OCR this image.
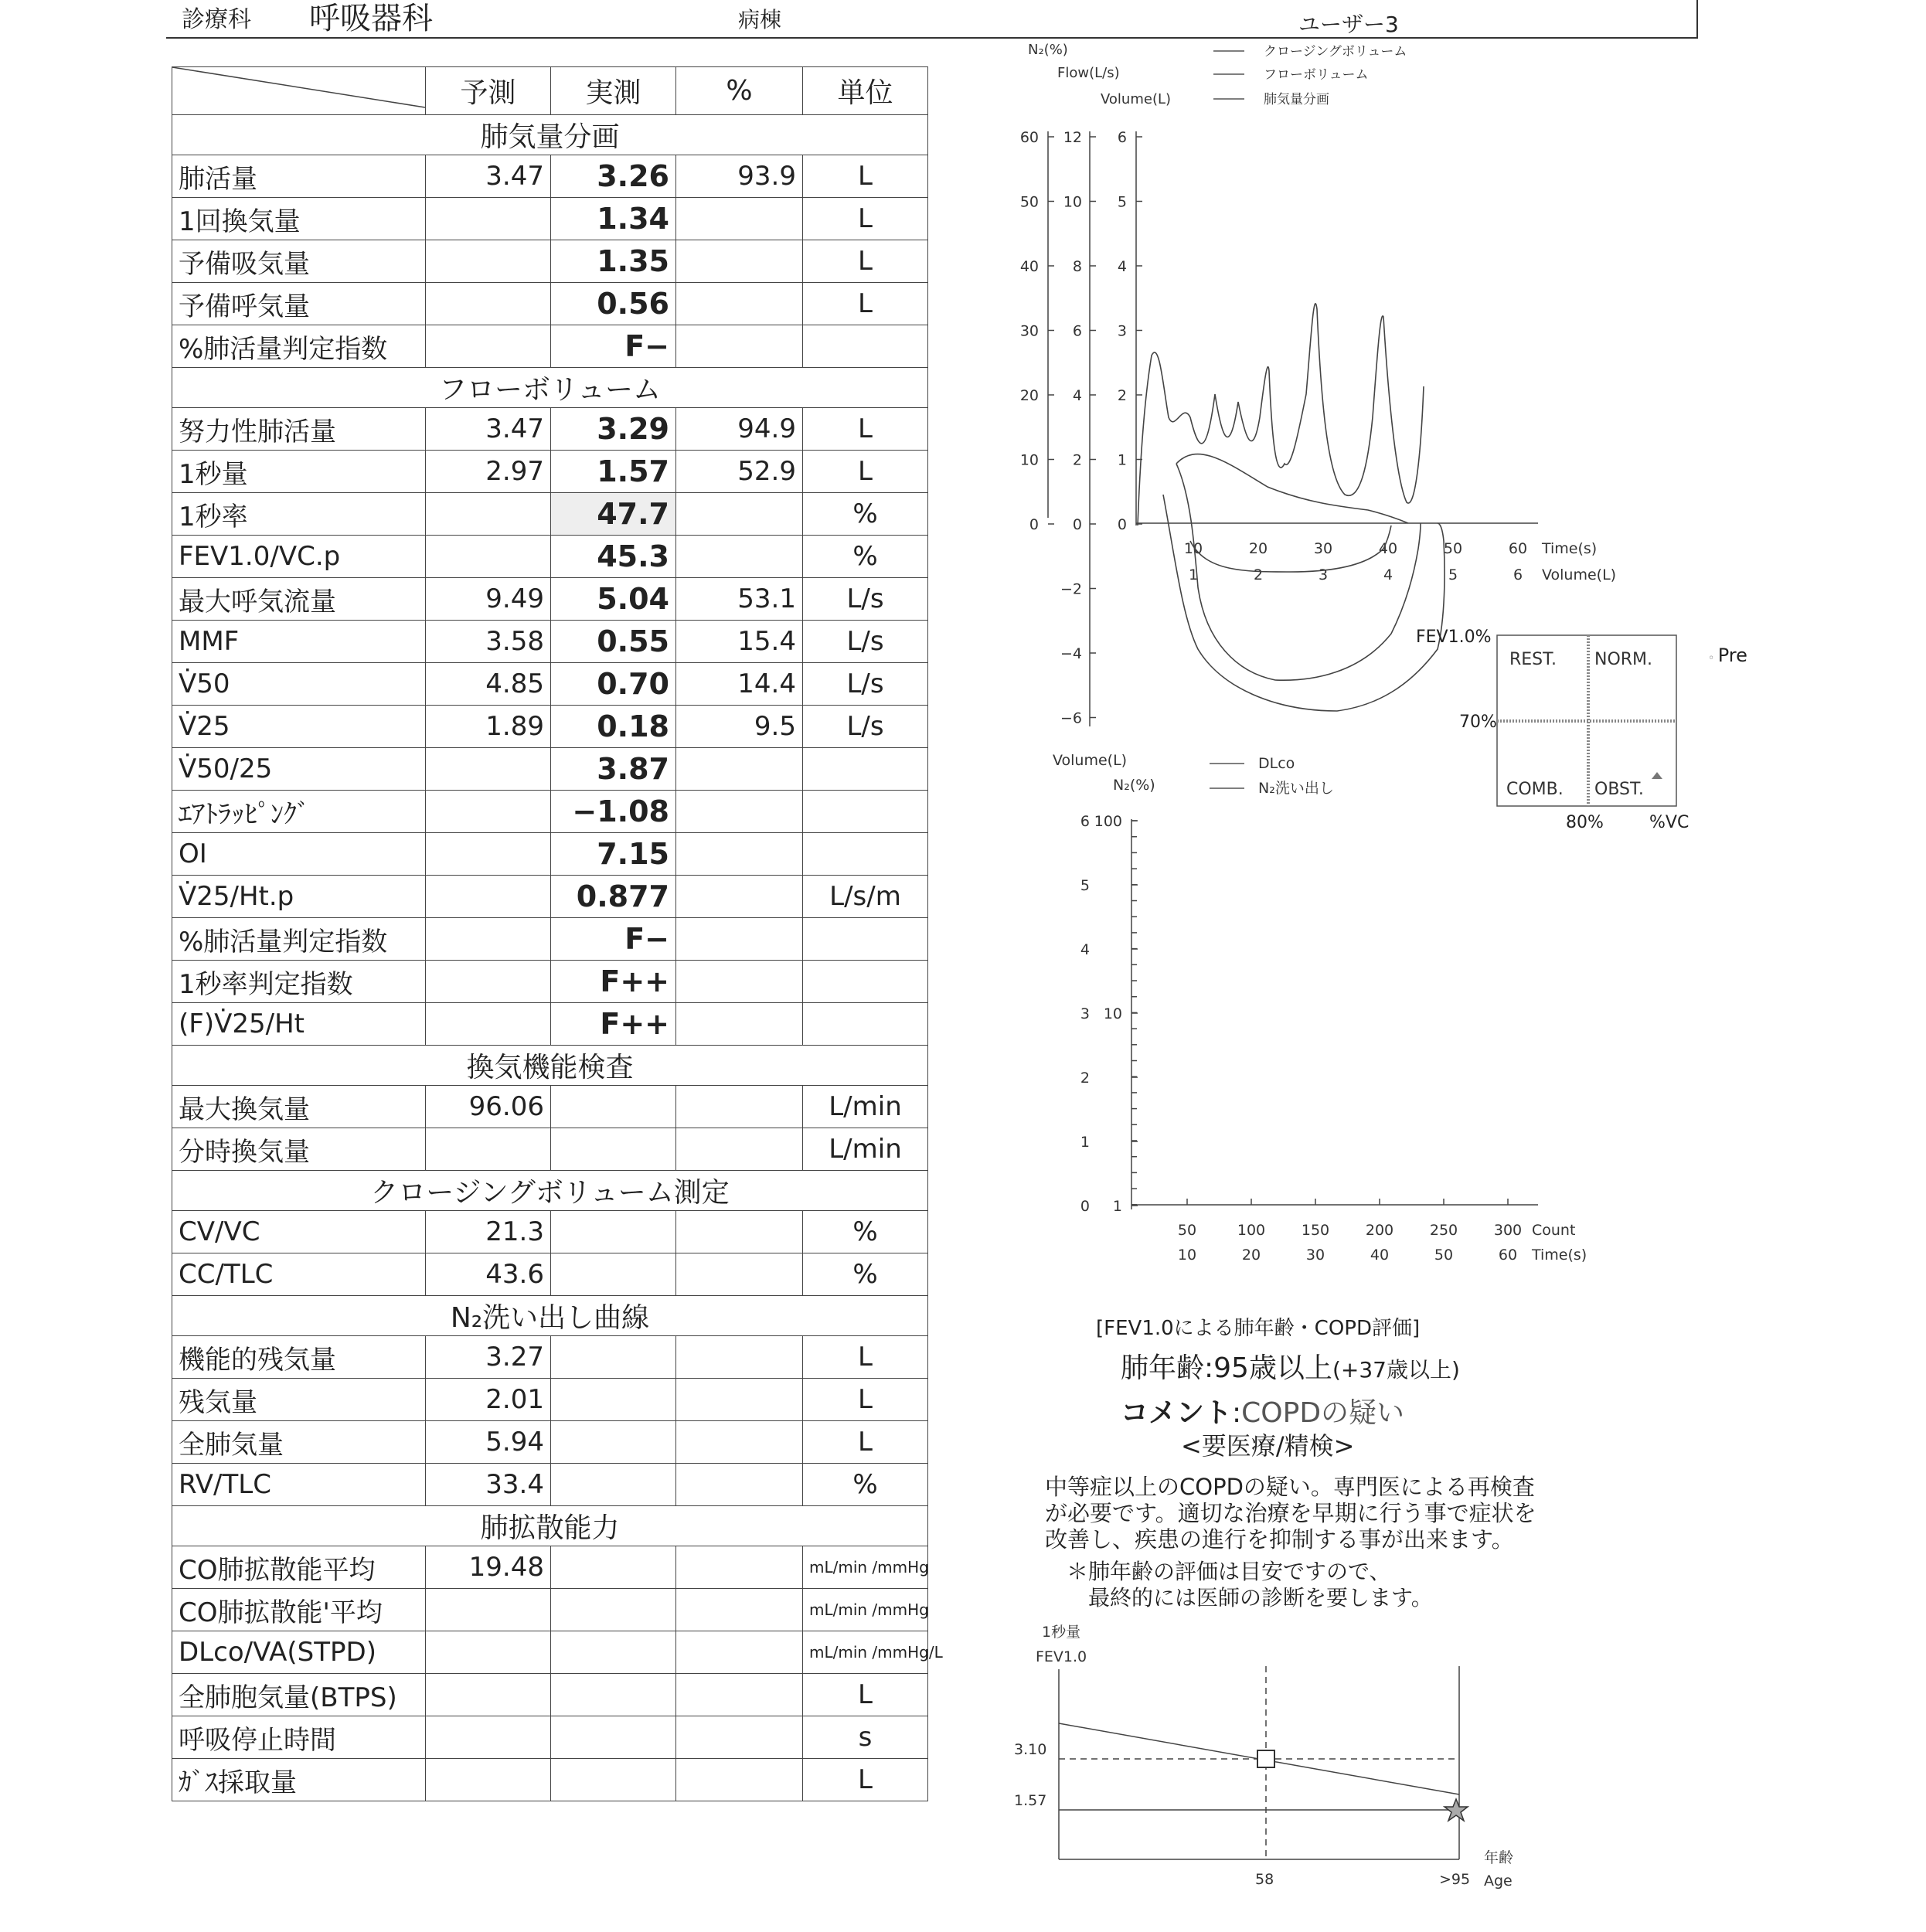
診療科 呼吸器科	病棟	ユーザー3
	予測	実測	%	単位
肺気量分画				
肺活量	3.47	3.26	93.9	L
1回換気量		1.34		L
予備吸気量		1.35		L
予備呼気量		0.56		L
%肺活量判定指数		F−		
フローボリューム				
努力性肺活量	3.47	3.29	94.9	L
1秒量	2.97	1.57	52.9	L
1秒率		47.7		%
FEV1.0/VC.p		45.3		%
最大呼気流量	9.49	5.04	53.1	L/s
MMF	3.58	0.55	15.4	L/s
V̇50	4.85	0.70	14.4	L/s
V̇25	1.89	0.18	9.5	L/s
V̇50/25		3.87		
ｴｱﾄﾗｯﾋﾟﾝｸﾞ		−1.08		
OI		7.15		
V̇25/Ht.p		0.877		L/s/m
%肺活量判定指数		F−		
1秒率判定指数		F++		
(F)V̇25/Ht		F++		
換気機能検査				
最大換気量	96.06			L/min
分時換気量				L/min
クロージングボリューム測定				
CV/VC	21.3			%
CC/TLC	43.6			%
N₂洗い出し曲線				
機能的残気量	3.27			L
残気量	2.01			L
全肺気量	5.94			L
RV/TLC	33.4			%
肺拡散能力				
CO肺拡散能平均	19.48			mL/min /mmHg
CO肺拡散能'平均				mL/min /mmHg
DLco/VA(STPD)				mL/min /mmHg/L
全肺胞気量(BTPS)				L
呼吸停止時間				s
ｶﾞｽ採取量				L
N₂(%)
Flow(L/s)
Volume(L)
クロージングボリューム
フローボリューム
肺気量分画
60
50
40
30
20
10
0
12
10
8
6
4
2
0
−2
−4
−6
6
5
4
3
2
1
0
10
1
20
2
30
3
40
4
50
5
60
6
Time(s)
Volume(L)
FEV1.0%
REST. NORM.
COMB. OBST.
70%
80%	%VC
◦ Pre
Volume(L)
N₂(%)
DLco
N₂洗い出し
6
5
4
3
2
1
0
100
10
1
50
10
100
20
150
30
200
40
250
50
300
60
Count
Time(s)
[FEV1.0による肺年齢・COPD評価]
肺年齢:95歳以上(+37歳以上)
コメント:COPDの疑い
<要医療/精検>
中等症以上のCOPDの疑い。専門医による再検査
が必要です。適切な治療を早期に行う事で症状を
改善し、疾患の進行を抑制する事が出来ます。
＊肺年齢の評価は目安ですので、
最終的には医師の診断を要します。
1秒量
FEV1.0
3.10
1.57
58	>95
年齢
Age
